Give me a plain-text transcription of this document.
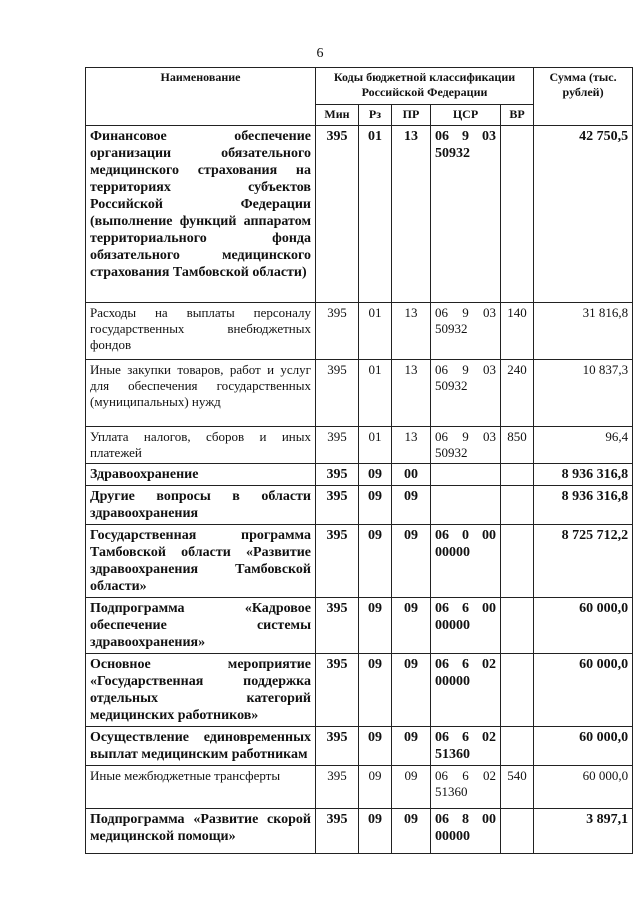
6
Наименование	Коды бюджетной классификации Российской Федерации					Сумма (тыс. рублей)
	Мин	Рз	ПР	ЦСР	ВР	
Финансовое обеспечение организации обязательного медицинского страхования на территориях субъектов Российской Федерации (выполнение функций аппаратом территориального фонда обязательного медицинского страхования Тамбовской области)	395	01	13	06 9 03 50932		42 750,5
Расходы на выплаты персоналу государственных внебюджетных фондов	395	01	13	06 9 03 50932	140	31 816,8
Иные закупки товаров, работ и услуг для обеспечения государственных (муниципальных) нужд	395	01	13	06 9 03 50932	240	10 837,3
Уплата налогов, сборов и иных платежей	395	01	13	06 9 03 50932	850	96,4
Здравоохранение	395	09	00			8 936 316,8
Другие вопросы в области здравоохранения	395	09	09			8 936 316,8
Государственная программа Тамбовской области «Развитие здравоохранения Тамбовской области»	395	09	09	06 0 00 00000		8 725 712,2
Подпрограмма «Кадровое обеспечение системы здравоохранения»	395	09	09	06 6 00 00000		60 000,0
Основное мероприятие «Государственная поддержка отдельных категорий медицинских работников»	395	09	09	06 6 02 00000		60 000,0
Осуществление единовременных выплат медицинским работникам	395	09	09	06 6 02 51360		60 000,0
Иные межбюджетные трансферты	395	09	09	06 6 02 51360	540	60 000,0
Подпрограмма «Развитие скорой медицинской помощи»	395	09	09	06 8 00 00000		3 897,1
